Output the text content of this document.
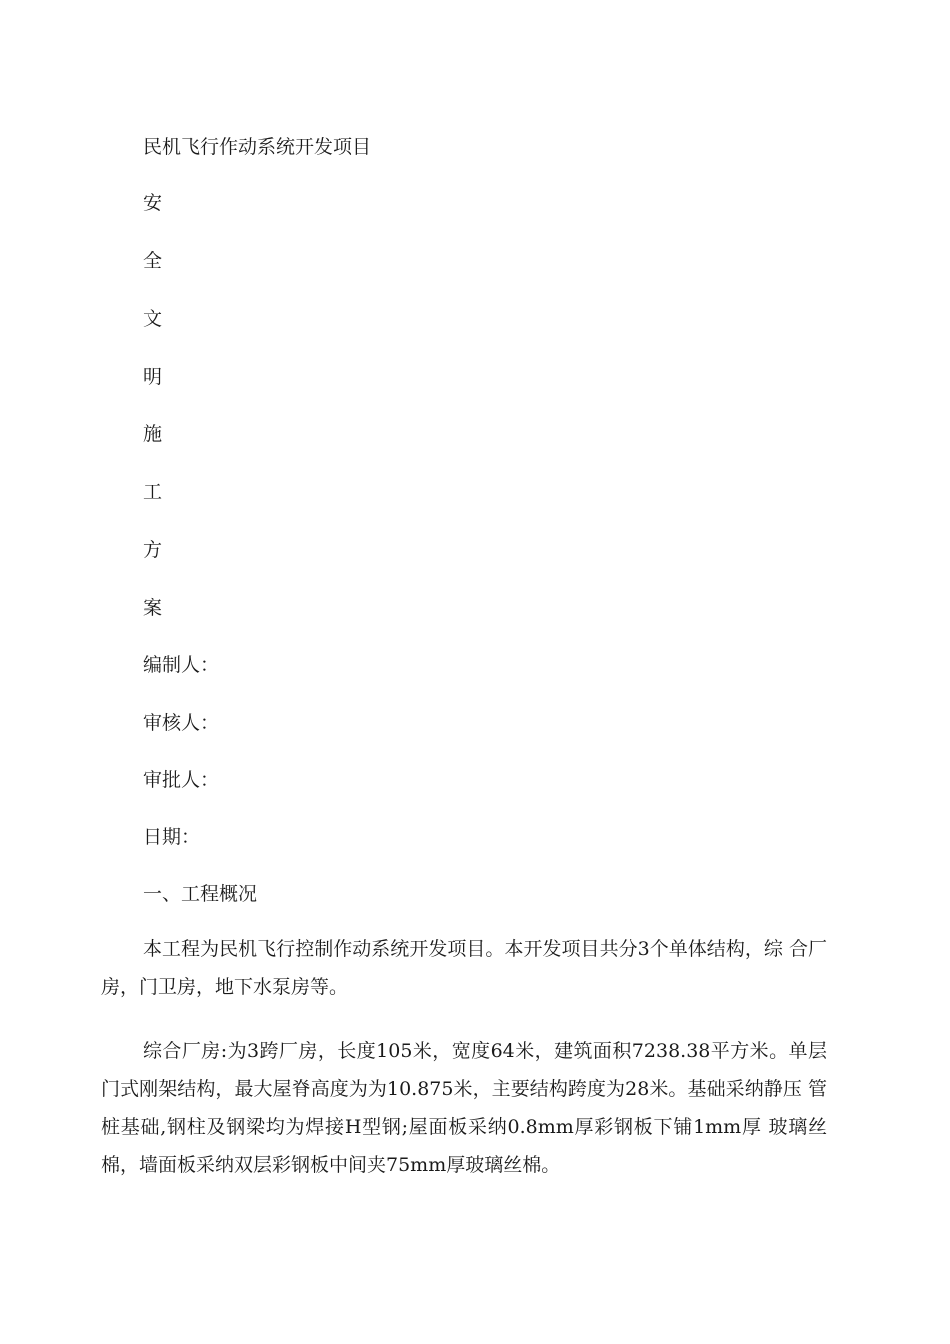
民机飞行作动系统开发项目
安
全
文
明
施
工
方
案
编制人：
审核人：
审批人：
日期：
一、工程概况

本工程为民机飞行控制作动系统开发项目。本开发项目共分3个单体结构，综 合厂房，门卫房，地下水泵房等。

综合厂房:为3跨厂房，长度105米，宽度64米，建筑面积7238.38平方米。单层门式刚架结构，最大屋脊高度为为10.875米，主要结构跨度为28米。基础采纳静压 管桩基础,钢柱及钢梁均为焊接H型钢;屋面板采纳0.8mm厚彩钢板下铺1mm厚 玻璃丝棉，墙面板采纳双层彩钢板中间夹75mm厚玻璃丝棉。
